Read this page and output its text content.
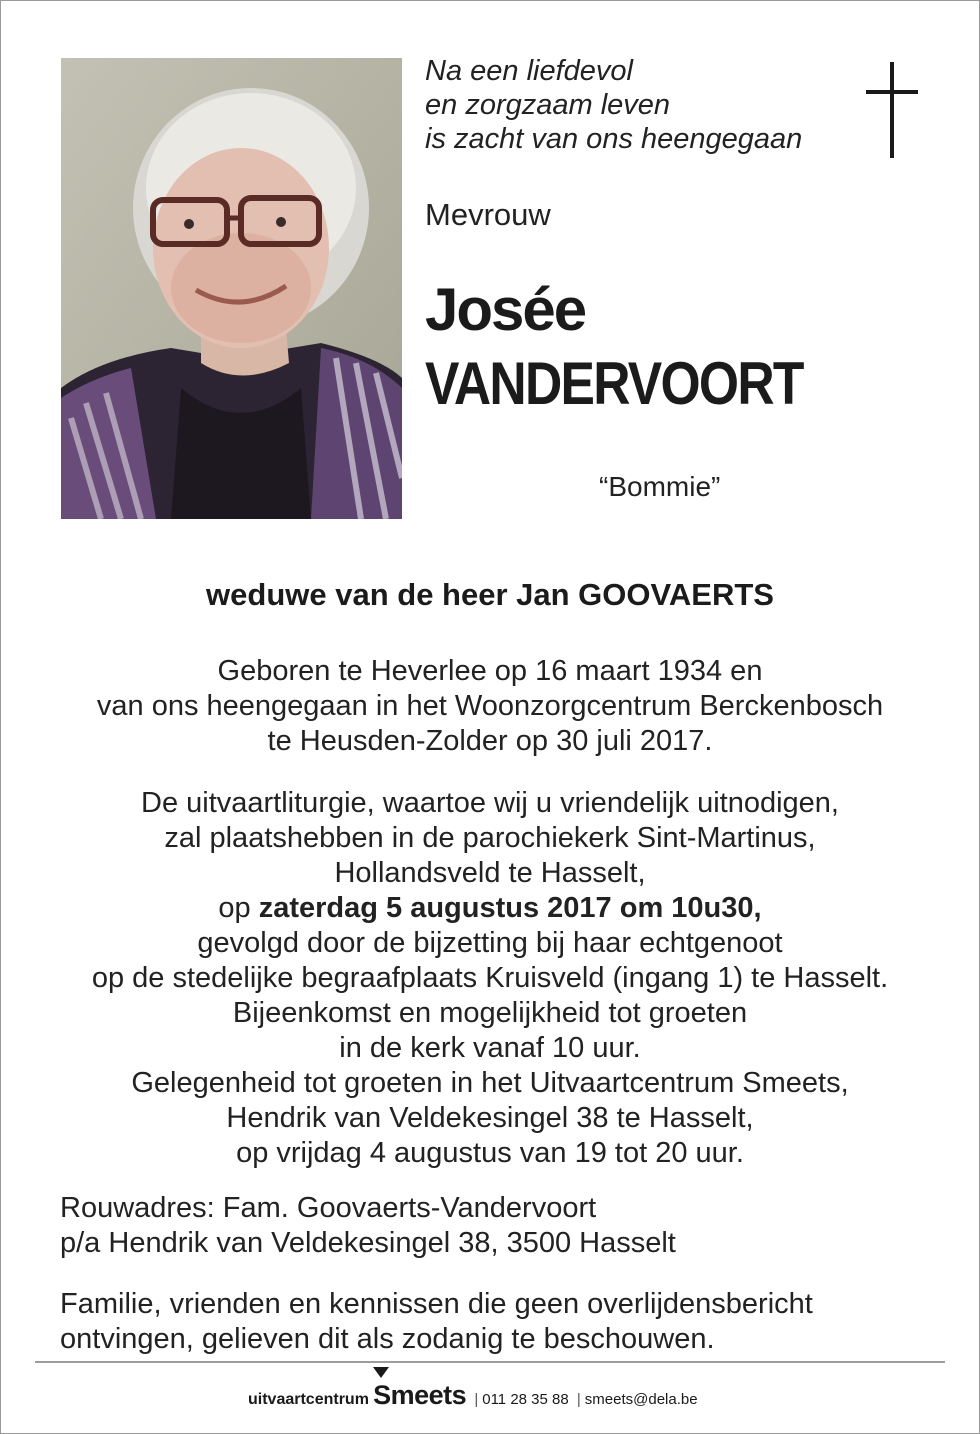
Na een liefdevol
en zorgzaam leven
is zacht van ons heengegaan
Mevrouw
Josée
VANDERVOORT
“Bommie”
weduwe van de heer Jan GOOVAERTS
Geboren te Heverlee op 16 maart 1934 en
van ons heengegaan in het Woonzorgcentrum Berckenbosch
te Heusden-Zolder op 30 juli 2017.
De uitvaartliturgie, waartoe wij u vriendelijk uitnodigen,
zal plaatshebben in de parochiekerk Sint-Martinus,
Hollandsveld te Hasselt,
op zaterdag 5 augustus 2017 om 10u30,
gevolgd door de bijzetting bij haar echtgenoot
op de stedelijke begraafplaats Kruisveld (ingang 1) te Hasselt.
Bijeenkomst en mogelijkheid tot groeten
in de kerk vanaf 10 uur.
Gelegenheid tot groeten in het Uitvaartcentrum Smeets,
Hendrik van Veldekesingel 38 te Hasselt,
op vrijdag 4 augustus van 19 tot 20 uur.
Rouwadres: Fam. Goovaerts-Vandervoort
p/a Hendrik van Veldekesingel 38, 3500 Hasselt
Familie, vrienden en kennissen die geen overlijdensbericht
ontvingen, gelieven dit als zodanig te beschouwen.
uitvaartcentrum Smeets | 011 28 35 88 | smeets@dela.be
